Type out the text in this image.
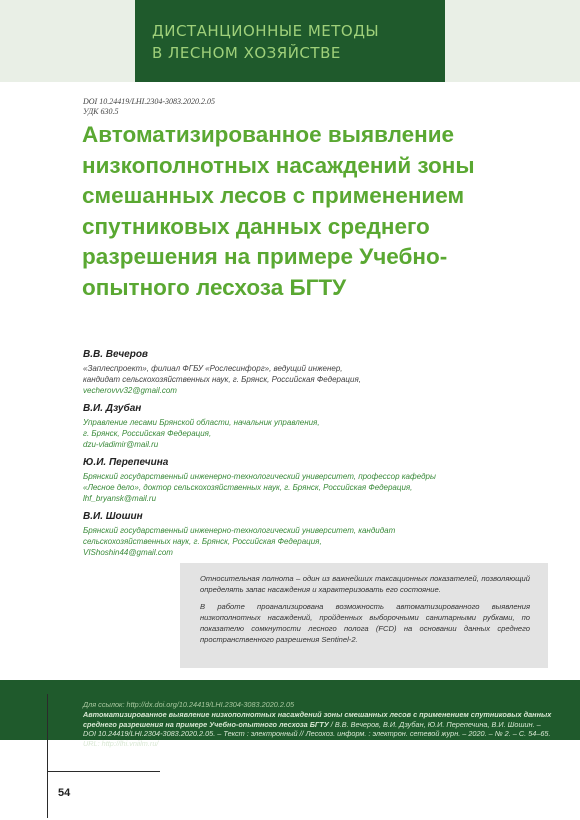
ДИСТАНЦИОННЫЕ МЕТОДЫ
В ЛЕСНОМ ХОЗЯЙСТВЕ
DOI 10.24419/LHI.2304-3083.2020.2.05
УДК 630.5
Автоматизированное выявление низкополнотных насаждений зоны смешанных лесов с применением спутниковых данных среднего разрешения на примере Учебно-опытного лесхоза БГТУ
В.В. Вечеров
«Заплеспроект», филиал ФГБУ «Рослесинфорг», ведущий инженер,
кандидат сельскохозяйственных наук, г. Брянск, Российская Федерация,
vecherovvv32@gmail.com
В.И. Дзубан
Управление лесами Брянской области, начальник управления,
г. Брянск, Российская Федерация,
dzu-vladimir@mail.ru
Ю.И. Перепечина
Брянский государственный инженерно-технологический университет, профессор кафедры
«Лесное дело», доктор сельскохозяйственных наук, г. Брянск, Российская Федерация,
lhf_bryansk@mail.ru
В.И. Шошин
Брянский государственный инженерно-технологический университет, кандидат
сельскохозяйственных наук, г. Брянск, Российская Федерация,
VIShoshin44@gmail.com

Относительная полнота – один из важнейших таксационных показателей, позволяющий определять запас насаждения и характеризовать его состояние.

В работе проанализирована возможность автоматизированного выявления низкополнотных насаждений, пройденных выборочными санитарными рубками, по показателю сомкнутости лесного полога (FCD) на основании данных среднего пространственного разрешения Sentinel-2.

Для ссылок: http://dx.doi.org/10.24419/LHI.2304-3083.2020.2.05
Автоматизированное выявление низкополнотных насаждений зоны смешанных лесов с применением спутниковых данных среднего разрешения на примере Учебно-опытного лесхоза БГТУ / В.В. Вечеров, В.И. Дзубан, Ю.И. Перепечина, В.И. Шошин. – DOI 10.24419/LHI.2304-3083.2020.2.05. – Текст : электронный // Лесохоз. информ. : электрон. сетевой журн. – 2020. – № 2. – С. 54–65. URL: http://lhi.vniilm.ru/
54
